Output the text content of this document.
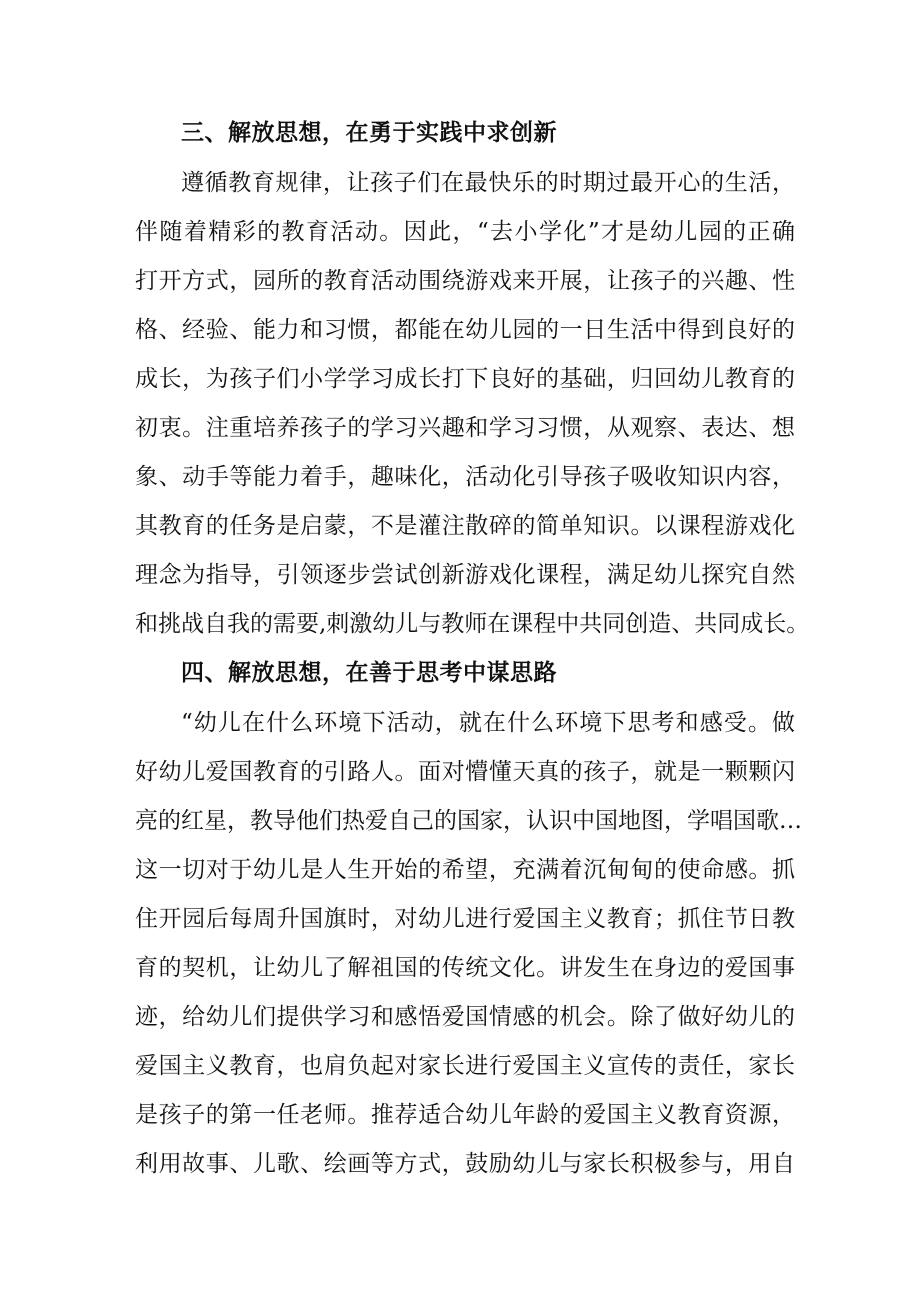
三、解放思想，在勇于实践中求创新
遵循教育规律，让孩子们在最快乐的时期过最开心的生活，
伴随着精彩的教育活动。因此，“去小学化”才是幼儿园的正确
打开方式，园所的教育活动围绕游戏来开展，让孩子的兴趣、性
格、经验、能力和习惯，都能在幼儿园的一日生活中得到良好的
成长，为孩子们小学学习成长打下良好的基础，归回幼儿教育的
初衷。注重培养孩子的学习兴趣和学习习惯，从观察、表达、想
象、动手等能力着手，趣味化，活动化引导孩子吸收知识内容，
其教育的任务是启蒙，不是灌注散碎的简单知识。以课程游戏化
理念为指导，引领逐步尝试创新游戏化课程，满足幼儿探究自然
和挑战自我的需要,刺激幼儿与教师在课程中共同创造、共同成长。
四、解放思想，在善于思考中谋思路
“幼儿在什么环境下活动，就在什么环境下思考和感受。做
好幼儿爱国教育的引路人。面对懵懂天真的孩子，就是一颗颗闪
亮的红星，教导他们热爱自己的国家，认识中国地图，学唱国歌…
这一切对于幼儿是人生开始的希望，充满着沉甸甸的使命感。抓
住开园后每周升国旗时，对幼儿进行爱国主义教育；抓住节日教
育的契机，让幼儿了解祖国的传统文化。讲发生在身边的爱国事
迹，给幼儿们提供学习和感悟爱国情感的机会。除了做好幼儿的
爱国主义教育，也肩负起对家长进行爱国主义宣传的责任，家长
是孩子的第一任老师。推荐适合幼儿年龄的爱国主义教育资源，
利用故事、儿歌、绘画等方式，鼓励幼儿与家长积极参与，用自
